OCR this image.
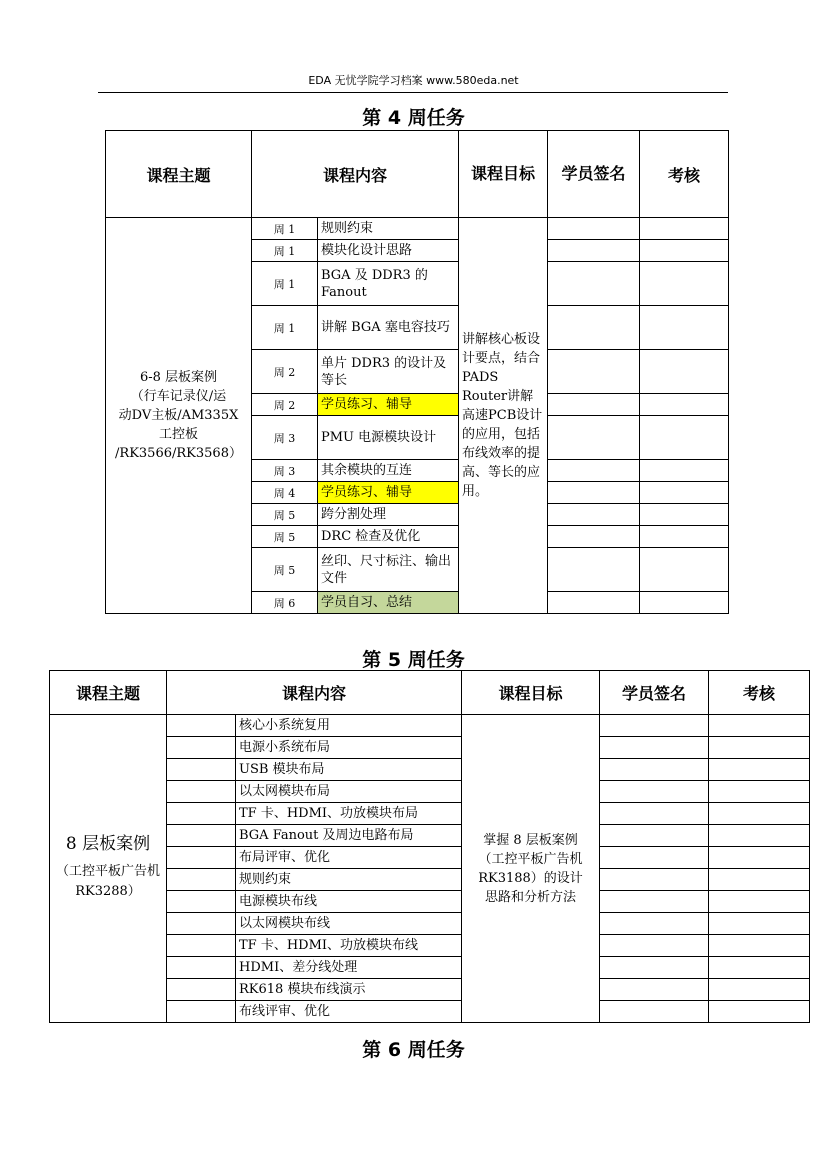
EDA 无忧学院学习档案 www.580eda.net
第 4 周任务
课程主题	课程内容		课程目标	学员签名	考核

6-8 层板案例
（行车记录仪/运
动DV主板/AM335X
工控板
/RK3566/RK3568）	周 1	规则约束	讲解核心板设计要点，结合PADS Router讲解高速PCB设计的应用，包括布线效率的提高、等长的应用。		
	周 1	模块化设计思路			
	周 1	BGA 及 DDR3 的 Fanout			
	周 1	讲解 BGA 塞电容技巧			
	周 2	单片 DDR3 的设计及等长			
	周 2	学员练习、辅导			
	周 3	PMU 电源模块设计			
	周 3	其余模块的互连			
	周 4	学员练习、辅导			
	周 5	跨分割处理			
	周 5	DRC 检查及优化			
	周 5	丝印、尺寸标注、输出文件			
	周 6	学员自习、总结			
第 5 周任务
课程主题	课程内容		课程目标	学员签名	考核

8 层板案例
（工控平板广告机 RK3288）		核心小系统复用	掌握 8 层板案例（工控平板广告机 RK3188）的设计思路和分析方法		
		电源小系统布局			
		USB 模块布局			
		以太网模块布局			
		TF 卡、HDMI、功放模块布局			
		BGA Fanout 及周边电路布局			
		布局评审、优化			
		规则约束			
		电源模块布线			
		以太网模块布线			
		TF 卡、HDMI、功放模块布线			
		HDMI、差分线处理			
		RK618 模块布线演示			
		布线评审、优化			
第 6 周任务
